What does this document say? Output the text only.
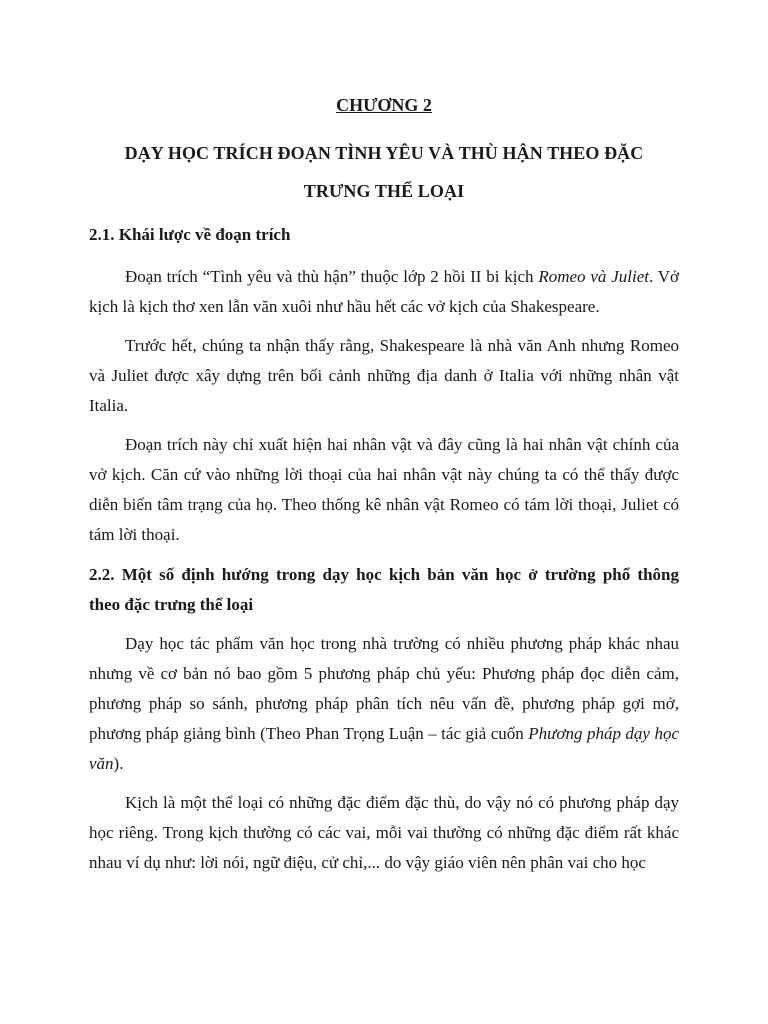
CHƯƠNG 2

DẠY HỌC TRÍCH ĐOẠN TÌNH YÊU VÀ THÙ HẬN THEO ĐẶC
TRƯNG THỂ LOẠI
2.1. Khái lược về đoạn trích

Đoạn trích “Tình yêu và thù hận” thuộc lớp 2 hồi II bi kịch Romeo và Juliet. Vở kịch là kịch thơ xen lẫn văn xuôi như hầu hết các vở kịch của Shakespeare.

Trước hết, chúng ta nhận thấy rằng, Shakespeare là nhà văn Anh nhưng Romeo và Juliet được xây dựng trên bối cảnh những địa danh ở Italia với những nhân vật Italia.

Đoạn trích này chỉ xuất hiện hai nhân vật và đây cũng là hai nhân vật chính của vở kịch. Căn cứ vào những lời thoại của hai nhân vật này chúng ta có thể thấy được diễn biến tâm trạng của họ. Theo thống kê nhân vật Romeo có tám lời thoại, Juliet có tám lời thoại.

2.2. Một số định hướng trong dạy học kịch bản văn học ở trường phổ thông
theo đặc trưng thể loại

Dạy học tác phẩm văn học trong nhà trường có nhiều phương pháp khác nhau nhưng về cơ bản nó bao gồm 5 phương pháp chủ yếu: Phương pháp đọc diễn cảm, phương pháp so sánh, phương pháp phân tích nêu vấn đề, phương pháp gợi mở, phương pháp giảng bình (Theo Phan Trọng Luận – tác giả cuốn Phương pháp dạy học văn).

Kịch là một thể loại có những đặc điểm đặc thù, do vậy nó có phương pháp dạy học riêng. Trong kịch thường có các vai, mỗi vai thường có những đặc điểm rất khác nhau ví dụ như: lời nói, ngữ điệu, cử chỉ,... do vậy giáo viên nên phân vai cho học
